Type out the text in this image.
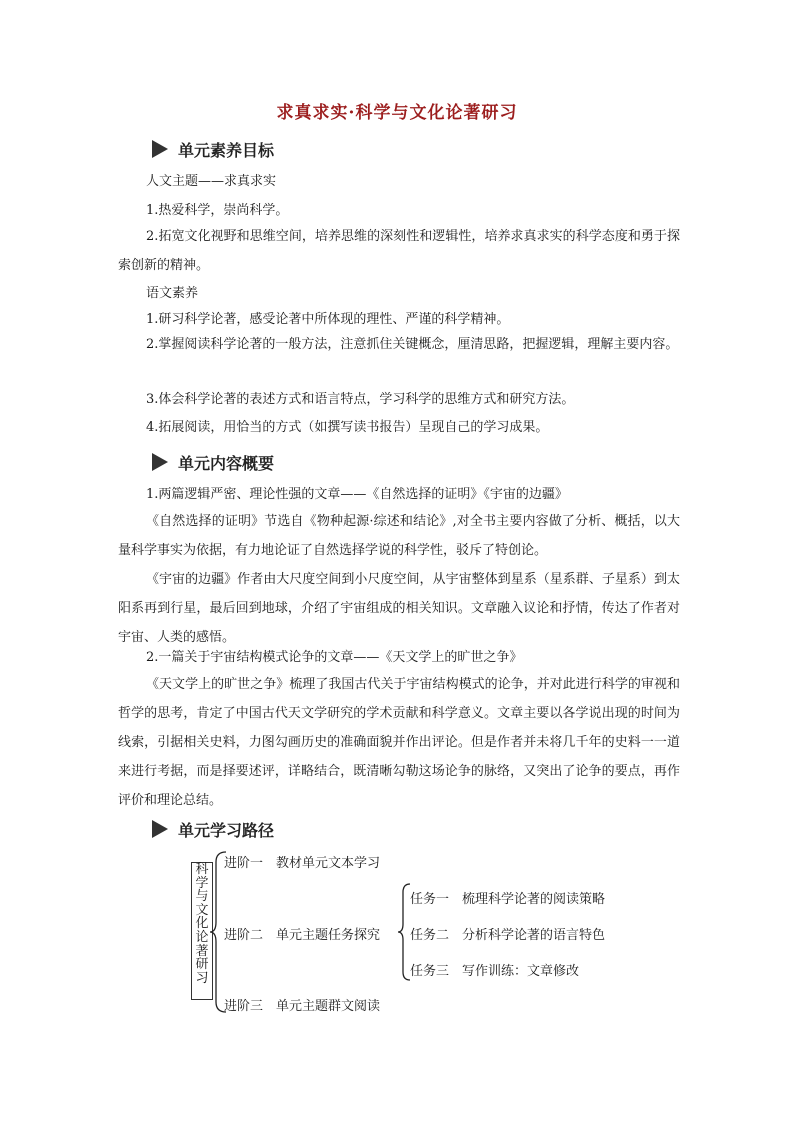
求真求实·科学与文化论著研习
单元素养目标
人文主题——求真求实
1.热爱科学，崇尚科学。
2.拓宽文化视野和思维空间，培养思维的深刻性和逻辑性，培养求真求实的科学态度和勇于探索创新的精神。
语文素养
1.研习科学论著，感受论著中所体现的理性、严谨的科学精神。
2.掌握阅读科学论著的一般方法，注意抓住关键概念，厘清思路，把握逻辑，理解主要内容。
3.体会科学论著的表述方式和语言特点，学习科学的思维方式和研究方法。
4.拓展阅读，用恰当的方式（如撰写读书报告）呈现自己的学习成果。
单元内容概要
1.两篇逻辑严密、理论性强的文章——《自然选择的证明》《宇宙的边疆》
《自然选择的证明》节选自《物种起源·综述和结论》,对全书主要内容做了分析、概括，以大量科学事实为依据，有力地论证了自然选择学说的科学性，驳斥了特创论。
《宇宙的边疆》作者由大尺度空间到小尺度空间，从宇宙整体到星系（星系群、子星系）到太阳系再到行星，最后回到地球，介绍了宇宙组成的相关知识。文章融入议论和抒情，传达了作者对宇宙、人类的感悟。
2.一篇关于宇宙结构模式论争的文章——《天文学上的旷世之争》
《天文学上的旷世之争》梳理了我国古代关于宇宙结构模式的论争，并对此进行科学的审视和哲学的思考，肯定了中国古代天文学研究的学术贡献和科学意义。文章主要以各学说出现的时间为线索，引据相关史料，力图勾画历史的准确面貌并作出评论。但是作者并未将几千年的史料一一道来进行考据，而是择要述评，详略结合，既清晰勾勒这场论争的脉络，又突出了论争的要点，再作评价和理论总结。
单元学习路径
科
学
与
文
化
论
著
研
习
进阶一　教材单元文本学习
进阶二　单元主题任务探究
进阶三　单元主题群文阅读
任务一　梳理科学论著的阅读策略
任务二　分析科学论著的语言特色
任务三　写作训练：文章修改
